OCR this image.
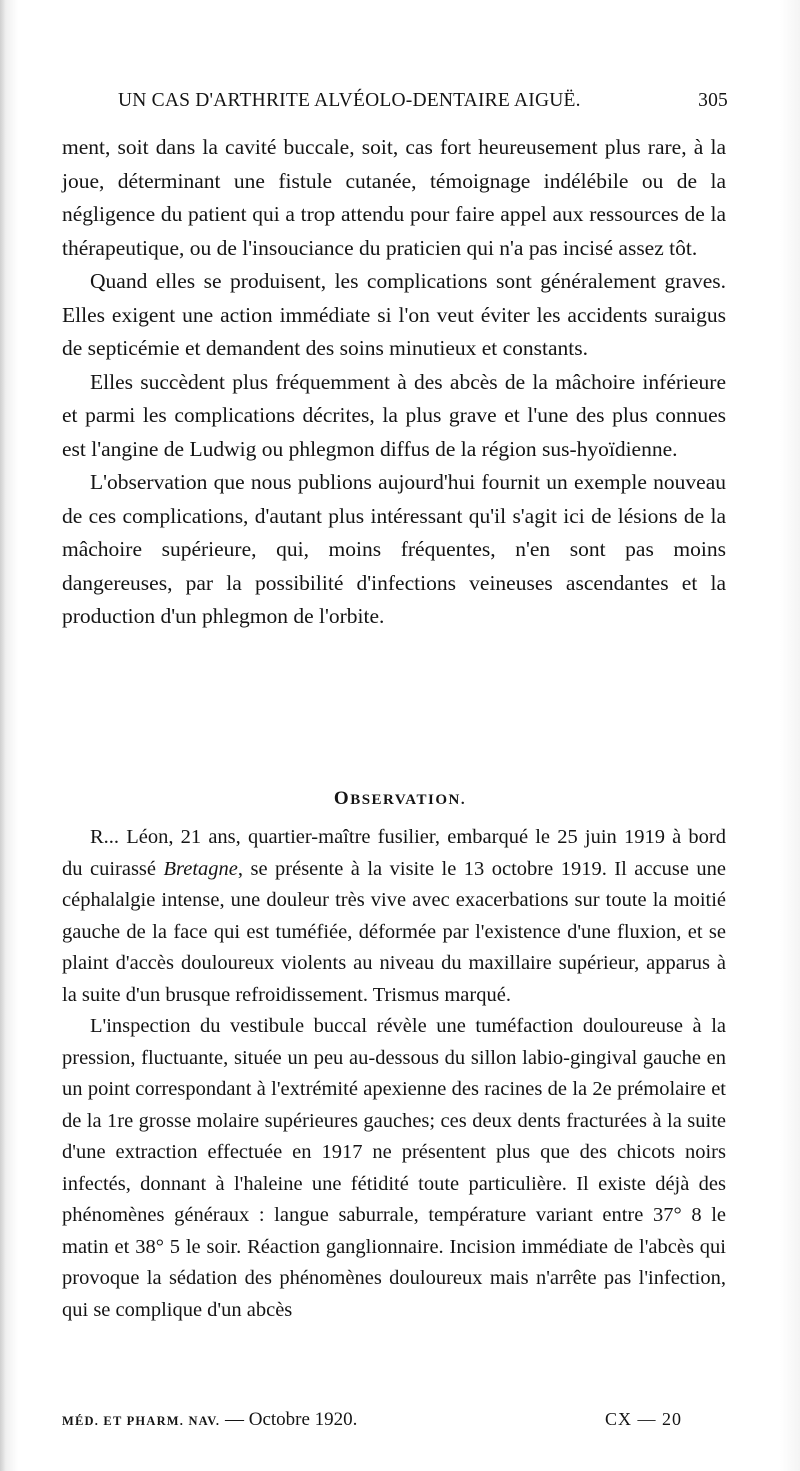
UN CAS D'ARTHRITE ALVÉOLO-DENTAIRE AIGUË.	305

ment, soit dans la cavité buccale, soit, cas fort heureusement plus rare, à la joue, déterminant une fistule cutanée, témoignage indélébile ou de la négligence du patient qui a trop attendu pour faire appel aux ressources de la thérapeutique, ou de l'insouciance du praticien qui n'a pas incisé assez tôt.

Quand elles se produisent, les complications sont généralement graves. Elles exigent une action immédiate si l'on veut éviter les accidents suraigus de septicémie et demandent des soins minutieux et constants.

Elles succèdent plus fréquemment à des abcès de la mâchoire inférieure et parmi les complications décrites, la plus grave et l'une des plus connues est l'angine de Ludwig ou phlegmon diffus de la région sus-hyoïdienne.

L'observation que nous publions aujourd'hui fournit un exemple nouveau de ces complications, d'autant plus intéressant qu'il s'agit ici de lésions de la mâchoire supérieure, qui, moins fréquentes, n'en sont pas moins dangereuses, par la possibilité d'infections veineuses ascendantes et la production d'un phlegmon de l'orbite.

OBSERVATION.

R... Léon, 21 ans, quartier-maître fusilier, embarqué le 25 juin 1919 à bord du cuirassé Bretagne, se présente à la visite le 13 octobre 1919. Il accuse une céphalalgie intense, une douleur très vive avec exacerbations sur toute la moitié gauche de la face qui est tuméfiée, déformée par l'existence d'une fluxion, et se plaint d'accès douloureux violents au niveau du maxillaire supérieur, apparus à la suite d'un brusque refroidissement. Trismus marqué.

L'inspection du vestibule buccal révèle une tuméfaction douloureuse à la pression, fluctuante, située un peu au-dessous du sillon labio-gingival gauche en un point correspondant à l'extrémité apexienne des racines de la 2e prémolaire et de la 1re grosse molaire supérieures gauches; ces deux dents fracturées à la suite d'une extraction effectuée en 1917 ne présentent plus que des chicots noirs infectés, donnant à l'haleine une fétidité toute particulière. Il existe déjà des phénomènes généraux : langue saburrale, température variant entre 37° 8 le matin et 38° 5 le soir. Réaction ganglionnaire. Incision immédiate de l'abcès qui provoque la sédation des phénomènes douloureux mais n'arrête pas l'infection, qui se complique d'un abcès

MÉD. ET PHARM. NAV. — Octobre 1920.	CX — 20
